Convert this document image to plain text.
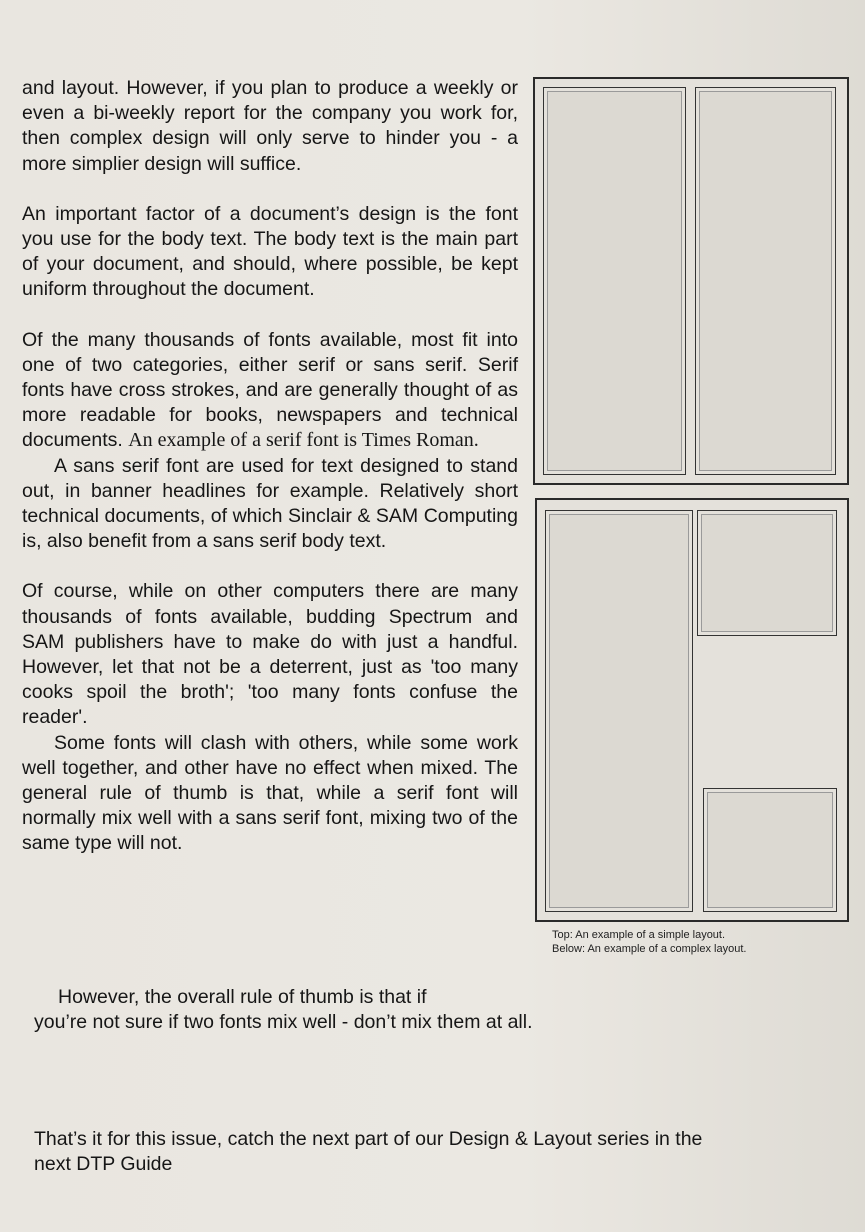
and layout. However, if you plan to produce a weekly or even a bi-weekly report for the company you work for, then complex design will only serve to hinder you - a more simplier design will suffice.

An important factor of a document’s design is the font you use for the body text. The body text is the main part of your document, and should, where possible, be kept uniform throughout the document.

Of the many thousands of fonts available, most fit into one of two categories, either serif or sans serif. Serif fonts have cross strokes, and are generally thought of as more readable for books, newspapers and technical documents. An example of a serif font is Times Roman.

A sans serif font are used for text designed to stand out, in banner headlines for example. Relatively short technical documents, of which Sinclair & SAM Computing is, also benefit from a sans serif body text.

Of course, while on other computers there are many thousands of fonts available, budding Spectrum and SAM publishers have to make do with just a handful. However, let that not be a deterrent, just as 'too many cooks spoil the broth'; 'too many fonts confuse the reader'.

Some fonts will clash with others, while some work well together, and other have no effect when mixed. The general rule of thumb is that, while a serif font will normally mix well with a sans serif font, mixing two of the same type will not.

Top: An example of a simple layout.
Below: An example of a complex layout.

However, the overall rule of thumb is that if

you’re not sure if two fonts mix well - don’t mix them at all.

That’s it for this issue, catch the next part of our Design & Layout series in the

next DTP Guide
